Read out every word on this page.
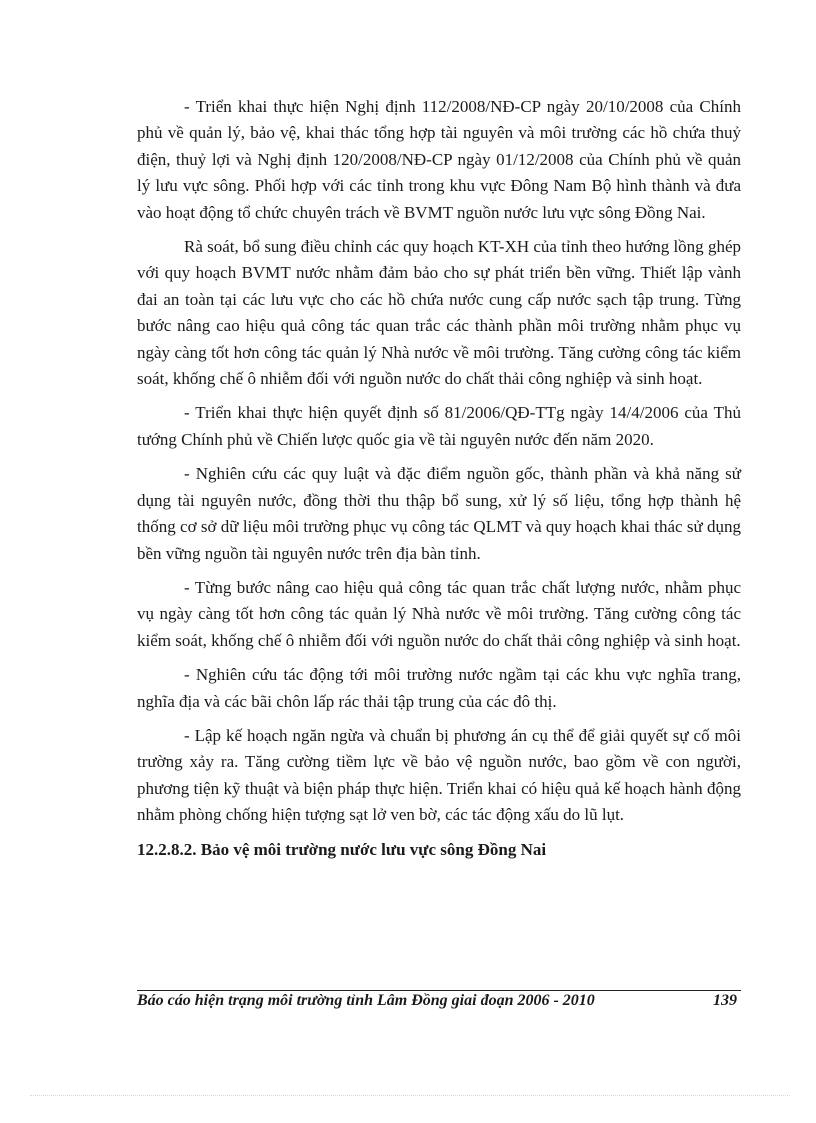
- Triển khai thực hiện Nghị định 112/2008/NĐ-CP ngày 20/10/2008 của Chính phủ về quản lý, bảo vệ, khai thác tổng hợp tài nguyên và môi trường các hồ chứa thuỷ điện, thuỷ lợi và Nghị định 120/2008/NĐ-CP ngày 01/12/2008 của Chính phủ về quản lý lưu vực sông. Phối hợp với các tỉnh trong khu vực Đông Nam Bộ hình thành và đưa vào hoạt động tổ chức chuyên trách về BVMT nguồn nước lưu vực sông Đồng Nai.

Rà soát, bổ sung điều chỉnh các quy hoạch KT-XH của tỉnh theo hướng lồng ghép với quy hoạch BVMT nước nhằm đảm bảo cho sự phát triển bền vững. Thiết lập vành đai an toàn tại các lưu vực cho các hồ chứa nước cung cấp nước sạch tập trung. Từng bước nâng cao hiệu quả công tác quan trắc các thành phần môi trường nhằm phục vụ ngày càng tốt hơn công tác quản lý Nhà nước về môi trường. Tăng cường công tác kiểm soát, khống chế ô nhiễm đối với nguồn nước do chất thải công nghiệp và sinh hoạt.

- Triển khai thực hiện quyết định số 81/2006/QĐ-TTg ngày 14/4/2006 của Thủ tướng Chính phủ về Chiến lược quốc gia về tài nguyên nước đến năm 2020.

- Nghiên cứu các quy luật và đặc điểm nguồn gốc, thành phần và khả năng sử dụng tài nguyên nước, đồng thời thu thập bổ sung, xử lý số liệu, tổng hợp thành hệ thống cơ sở dữ liệu môi trường phục vụ công tác QLMT và quy hoạch khai thác sử dụng bền vững nguồn tài nguyên nước trên địa bàn tỉnh.

- Từng bước nâng cao hiệu quả công tác quan trắc chất lượng nước, nhằm phục vụ ngày càng tốt hơn công tác quản lý Nhà nước về môi trường. Tăng cường công tác kiểm soát, khống chế ô nhiễm đối với nguồn nước do chất thải công nghiệp và sinh hoạt.

- Nghiên cứu tác động tới môi trường nước ngầm tại các khu vực nghĩa trang, nghĩa địa và các bãi chôn lấp rác thải tập trung của các đô thị.

- Lập kế hoạch ngăn ngừa và chuẩn bị phương án cụ thể để giải quyết sự cố môi trường xảy ra. Tăng cường tiềm lực về bảo vệ nguồn nước, bao gồm về con người, phương tiện kỹ thuật và biện pháp thực hiện. Triển khai có hiệu quả kế hoạch hành động nhằm phòng chống hiện tượng sạt lở ven bờ, các tác động xấu do lũ lụt.

12.2.8.2. Bảo vệ môi trường nước lưu vực sông Đồng Nai

Báo cáo hiện trạng môi trường tỉnh Lâm Đồng giai đoạn 2006 - 2010	139
